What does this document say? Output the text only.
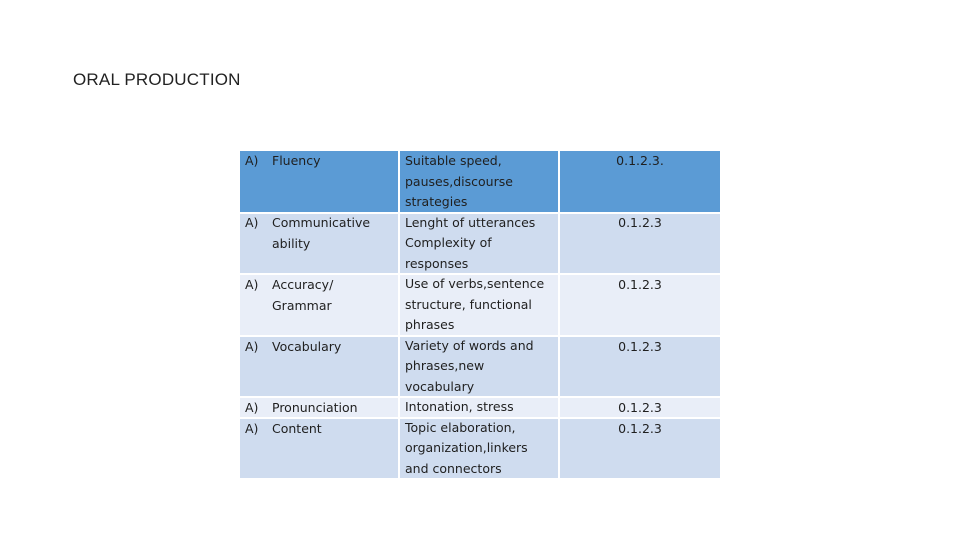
ORAL PRODUCTION
A) Fluency
A) Communicative
ability
A) Accuracy/
Grammar
A) Vocabulary
A) Pronunciation
A) Content
Suitable speed,
pauses,discourse
strategies
Lenght of utterances
Complexity of
responses
Use of verbs,sentence
structure, functional
phrases
Variety of words and
phrases,new
vocabulary
Intonation, stress
Topic elaboration,
organization,linkers
and connectors
0.1.2.3.
0.1.2.3
0.1.2.3
0.1.2.3
0.1.2.3
0.1.2.3
